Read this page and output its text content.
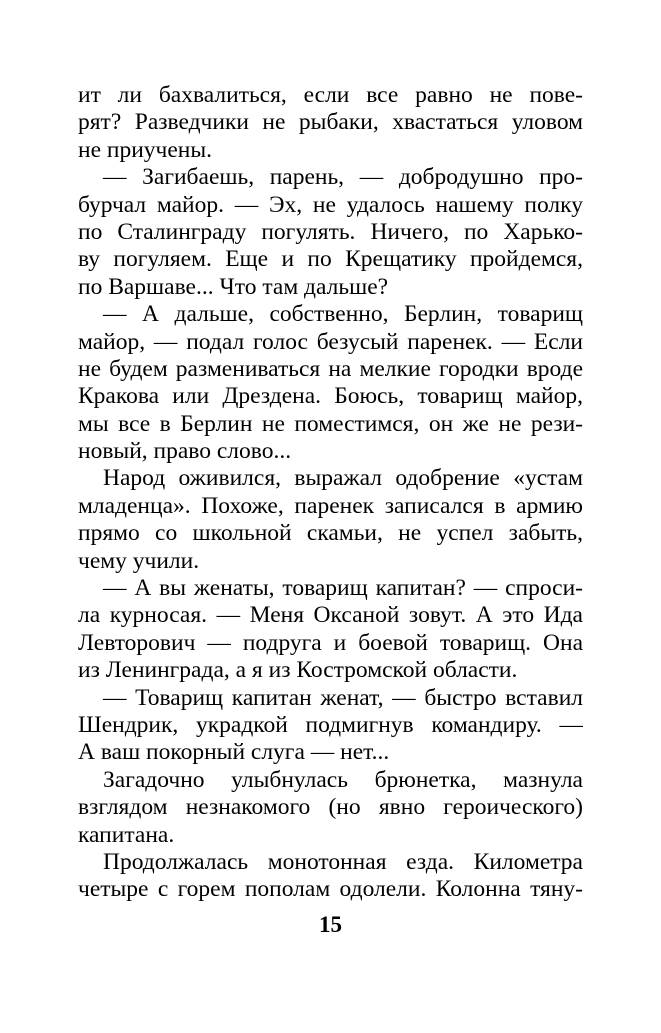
ит ли бахвалиться, если все равно не пове-
рят? Разведчики не рыбаки, хвастаться уловом
не приучены.
— Загибаешь, парень, — добродушно про-
бурчал майор. — Эх, не удалось нашему полку
по Сталинграду погулять. Ничего, по Харько-
ву погуляем. Еще и по Крещатику пройдемся,
по Варшаве... Что там дальше?
— А дальше, собственно, Берлин, товарищ
майор, — подал голос безусый паренек. — Если
не будем размениваться на мелкие городки вроде
Кракова или Дрездена. Боюсь, товарищ майор,
мы все в Берлин не поместимся, он же не рези-
новый, право слово...
Народ оживился, выражал одобрение «устам
младенца». Похоже, паренек записался в армию
прямо со школьной скамьи, не успел забыть,
чему учили.
— А вы женаты, товарищ капитан? — спроси-
ла курносая. — Меня Оксаной зовут. А это Ида
Левторович — подруга и боевой товарищ. Она
из Ленинграда, а я из Костромской области.
— Товарищ капитан женат, — быстро вставил
Шендрик, украдкой подмигнув командиру. —
А ваш покорный слуга — нет...
Загадочно улыбнулась брюнетка, мазнула
взглядом незнакомого (но явно героического)
капитана.
Продолжалась монотонная езда. Километра
четыре с горем пополам одолели. Колонна тяну-
15
